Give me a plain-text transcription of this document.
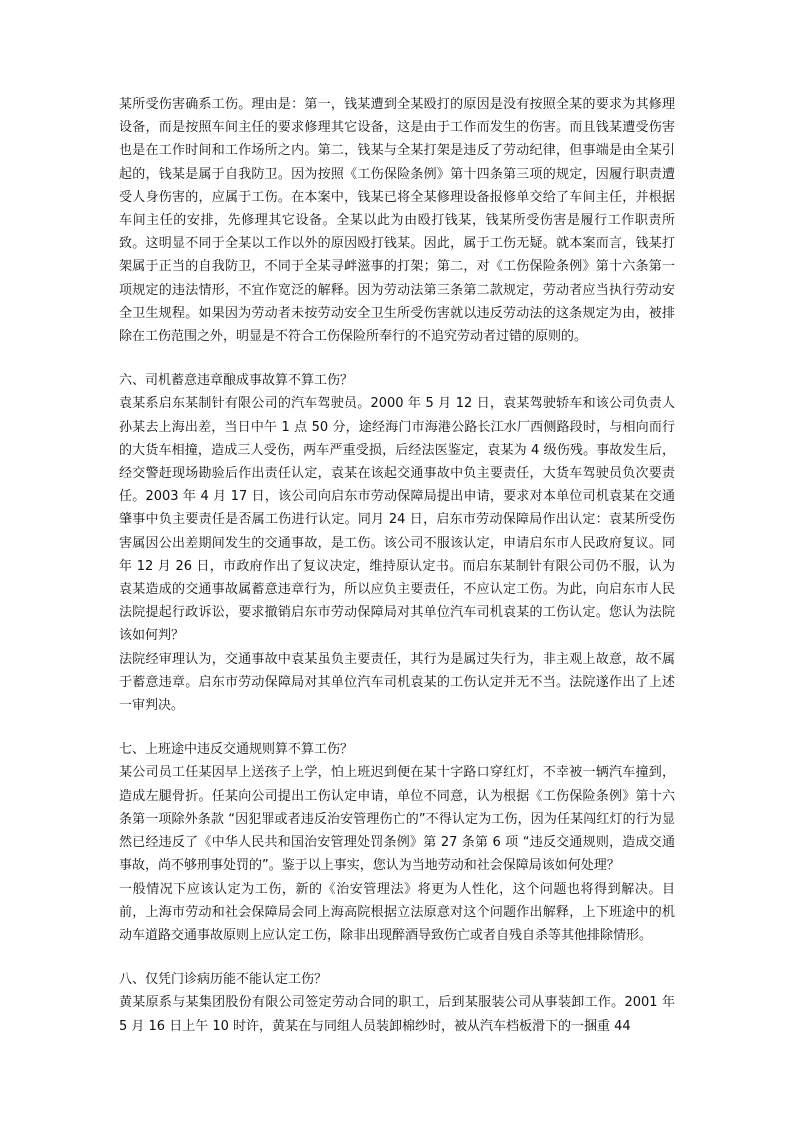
某所受伤害确系工伤。理由是：第一，钱某遭到全某殴打的原因是没有按照全某的要求为其修理设备，而是按照车间主任的要求修理其它设备，这是由于工作而发生的伤害。而且钱某遭受伤害也是在工作时间和工作场所之内。第二，钱某与全某打架是违反了劳动纪律，但事端是由全某引起的，钱某是属于自我防卫。因为按照《工伤保险条例》第十四条第三项的规定，因履行职责遭受人身伤害的，应属于工伤。在本案中，钱某已将全某修理设备报修单交给了车间主任，并根据车间主任的安排，先修理其它设备。全某以此为由殴打钱某，钱某所受伤害是履行工作职责所致。这明显不同于全某以工作以外的原因殴打钱某。因此，属于工伤无疑。就本案而言，钱某打架属于正当的自我防卫，不同于全某寻衅滋事的打架；第二，对《工伤保险条例》第十六条第一项规定的违法情形，不宜作宽泛的解释。因为劳动法第三条第二款规定，劳动者应当执行劳动安全卫生规程。如果因为劳动者未按劳动安全卫生所受伤害就以违反劳动法的这条规定为由，被排除在工伤范围之外，明显是不符合工伤保险所奉行的不追究劳动者过错的原则的。

六、司机蓄意违章酿成事故算不算工伤？

袁某系启东某制针有限公司的汽车驾驶员。2000 年 5 月 12 日，袁某驾驶轿车和该公司负责人孙某去上海出差，当日中午 1 点 50 分，途经海门市海港公路长江水厂西侧路段时，与相向而行的大货车相撞，造成三人受伤，两车严重受损，后经法医鉴定，袁某为 4 级伤残。事故发生后，经交警赶现场勘验后作出责任认定，袁某在该起交通事故中负主要责任，大货车驾驶员负次要责任。2003 年 4 月 17 日，该公司向启东市劳动保障局提出申请，要求对本单位司机袁某在交通肇事中负主要责任是否属工伤进行认定。同月 24 日，启东市劳动保障局作出认定：袁某所受伤害属因公出差期间发生的交通事故，是工伤。该公司不服该认定，申请启东市人民政府复议。同年 12 月 26 日，市政府作出了复议决定，维持原认定书。而启东某制针有限公司仍不服，认为袁某造成的交通事故属蓄意违章行为，所以应负主要责任，不应认定工伤。为此，向启东市人民法院提起行政诉讼，要求撤销启东市劳动保障局对其单位汽车司机袁某的工伤认定。您认为法院该如何判？

法院经审理认为，交通事故中袁某虽负主要责任，其行为是属过失行为，非主观上故意，故不属于蓄意违章。启东市劳动保障局对其单位汽车司机袁某的工伤认定并无不当。法院遂作出了上述一审判决。

七、上班途中违反交通规则算不算工伤？

某公司员工任某因早上送孩子上学，怕上班迟到便在某十字路口穿红灯，不幸被一辆汽车撞到，造成左腿骨折。任某向公司提出工伤认定申请，单位不同意，认为根据《工伤保险条例》第十六条第一项除外条款 “因犯罪或者违反治安管理伤亡的”不得认定为工伤，因为任某闯红灯的行为显然已经违反了《中华人民共和国治安管理处罚条例》第 27 条第 6 项 “违反交通规则，造成交通事故，尚不够刑事处罚的”。鉴于以上事实，您认为当地劳动和社会保障局该如何处理？

一般情况下应该认定为工伤，新的《治安管理法》将更为人性化，这个问题也将得到解决。目前，上海市劳动和社会保障局会同上海高院根据立法原意对这个问题作出解释，上下班途中的机动车道路交通事故原则上应认定工伤，除非出现醉酒导致伤亡或者自残自杀等其他排除情形。

八、仅凭门诊病历能不能认定工伤？

黄某原系与某集团股份有限公司签定劳动合同的职工，后到某服装公司从事装卸工作。2001 年 5 月 16 日上午 10 时许，黄某在与同组人员装卸棉纱时，被从汽车档板滑下的一捆重 44
